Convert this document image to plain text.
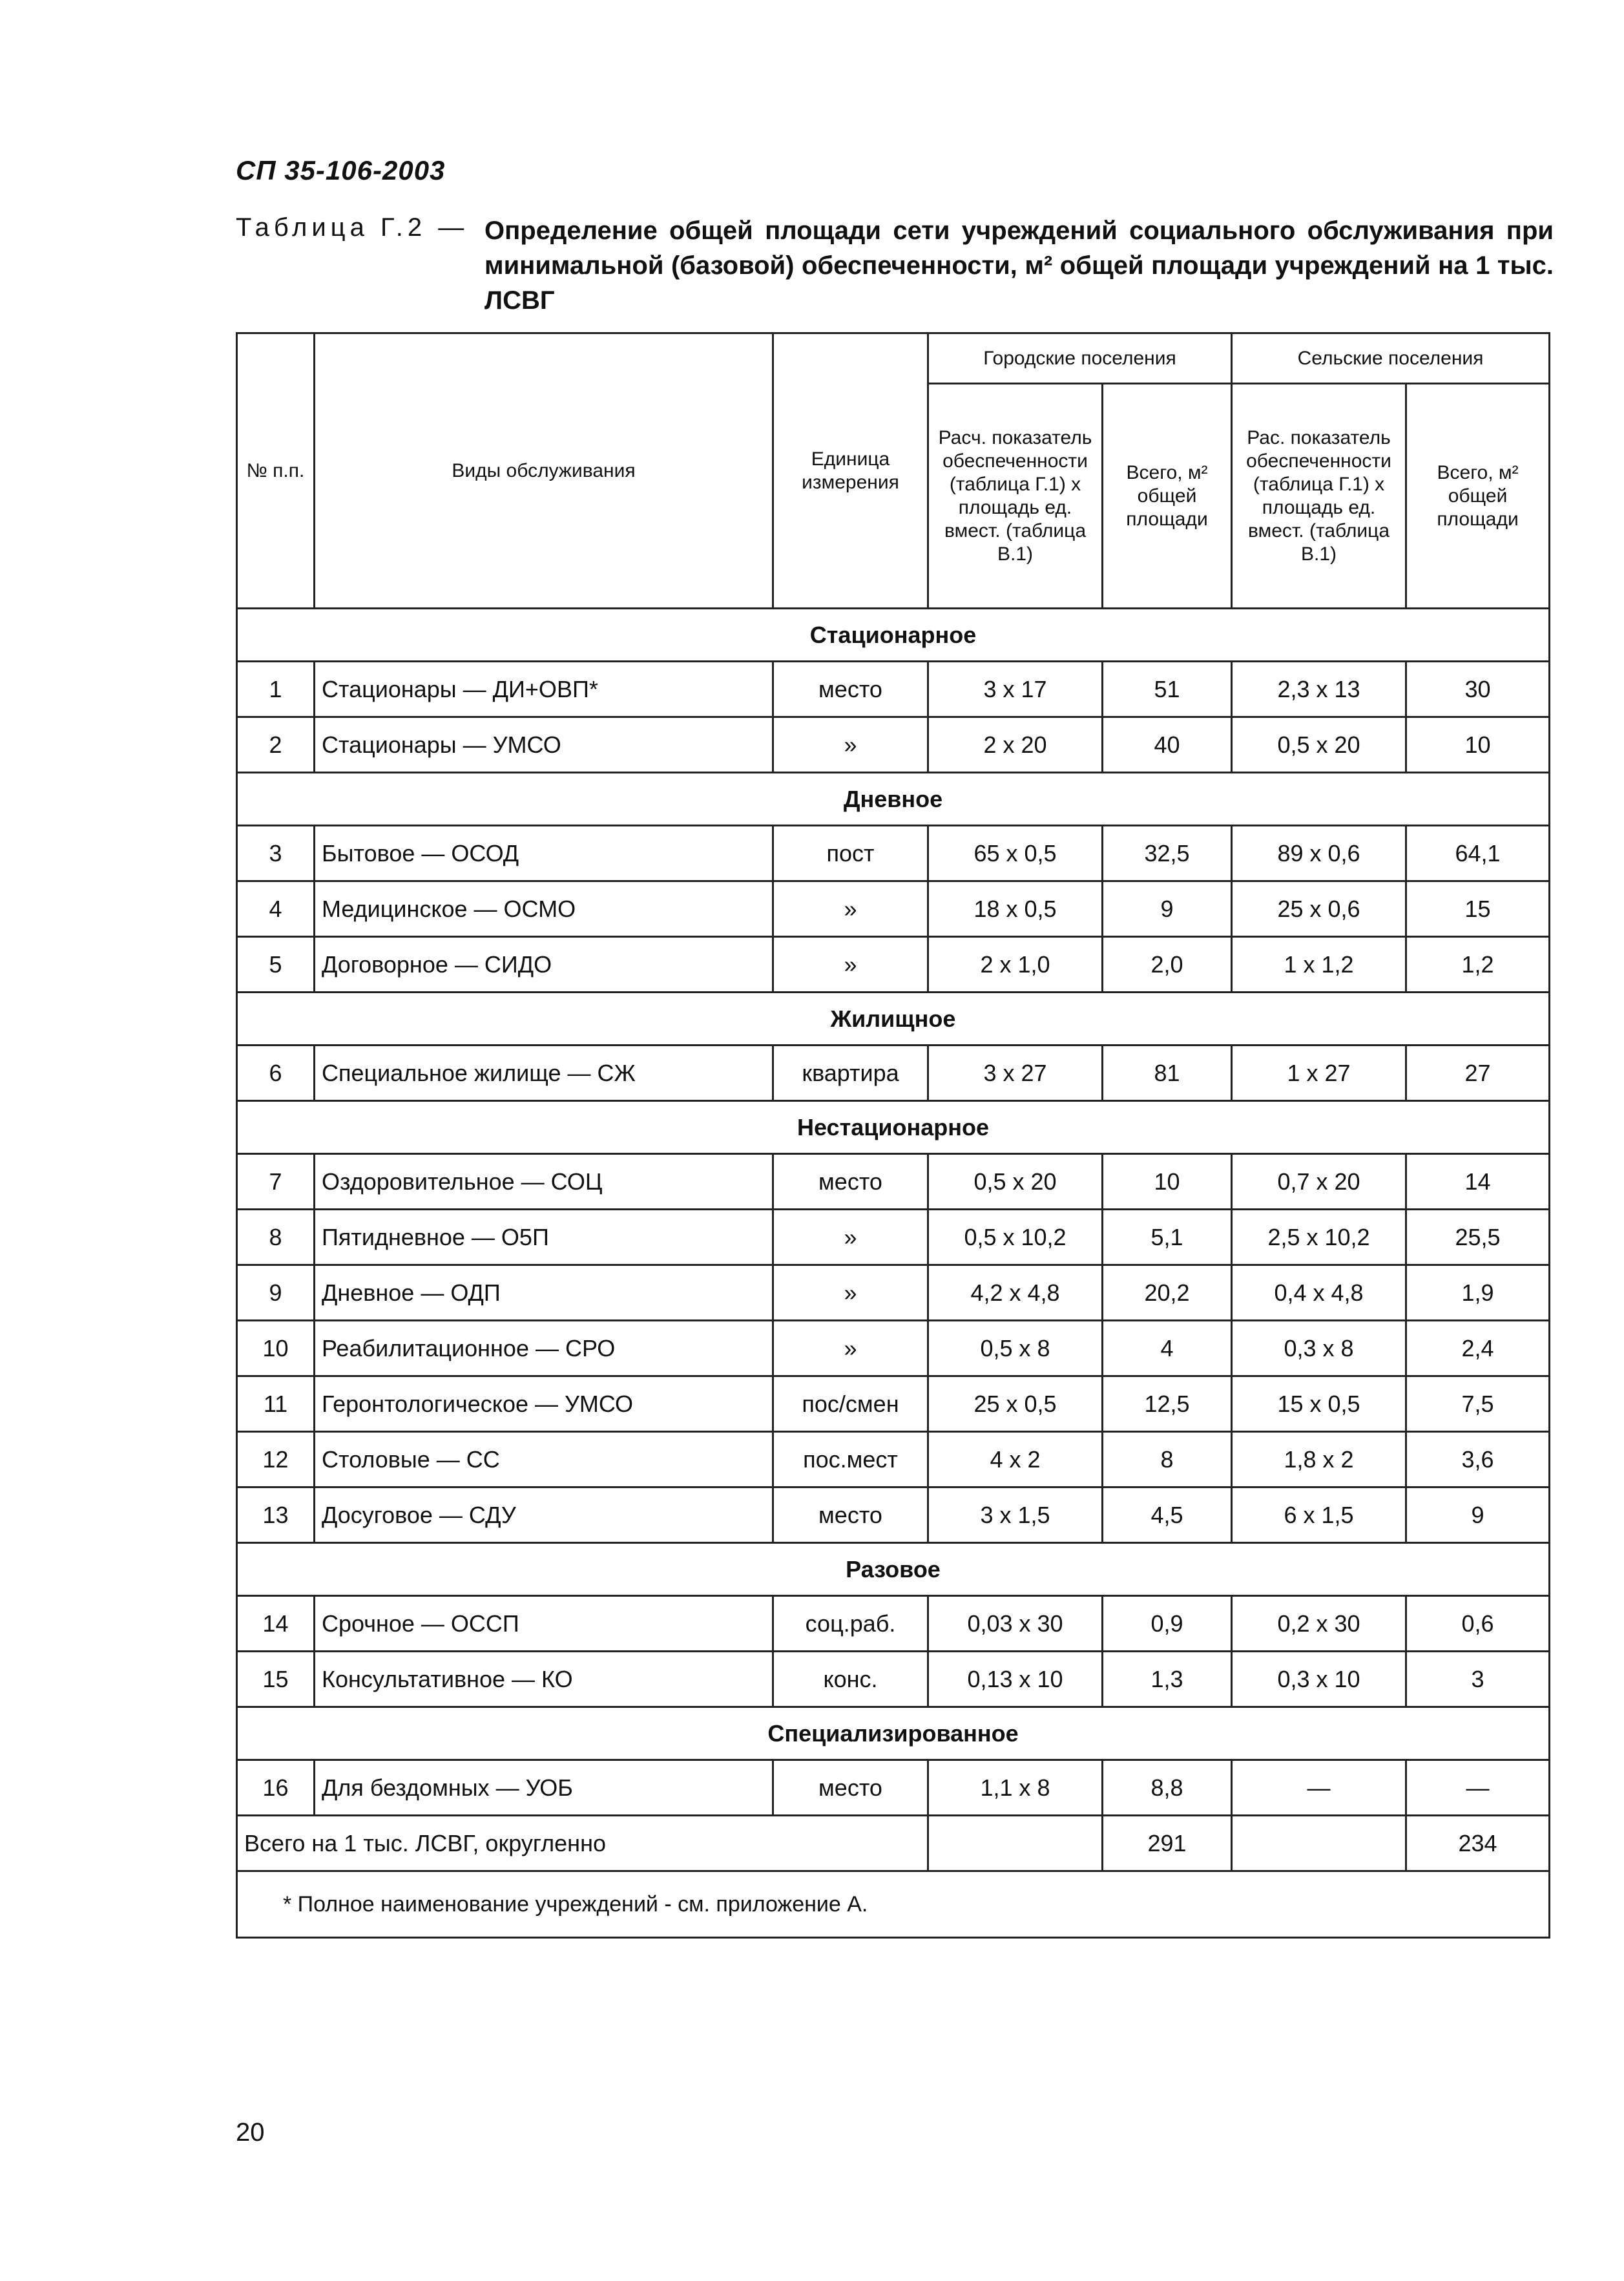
СП 35-106-2003
Таблица Г.2 — Определение общей площади сети учреждений социального обслуживания при минимальной (базовой) обеспеченности, м² общей площади учреждений на 1 тыс. ЛСВГ
№ п.п.	Виды обслуживания	Единица измерения	Городские поселения		Сельские поселения	
			Расч. показатель обеспеченности (таблица Г.1) x площадь ед. вмест. (таблица В.1)	Всего, м² общей площади	Рас. показатель обеспеченности (таблица Г.1) x площадь ед. вмест. (таблица В.1)	Всего, м² общей площади
Стационарное						
1	Стационары — ДИ+ОВП*	место	3 х 17	51	2,3 х 13	30
2	Стационары — УМСО	»	2 х 20	40	0,5 х 20	10
Дневное						
3	Бытовое — ОСОД	пост	65 х 0,5	32,5	89 х 0,6	64,1
4	Медицинское — ОСМО	»	18 х 0,5	9	25 х 0,6	15
5	Договорное — СИДО	»	2 х 1,0	2,0	1 х 1,2	1,2
Жилищное						
6	Специальное жилище — СЖ	квартира	3 х 27	81	1 х 27	27
Нестационарное						
7	Оздоровительное — СОЦ	место	0,5 х 20	10	0,7 х 20	14
8	Пятидневное — О5П	»	0,5 х 10,2	5,1	2,5 х 10,2	25,5
9	Дневное — ОДП	»	4,2 х 4,8	20,2	0,4 х 4,8	1,9
10	Реабилитационное — СРО	»	0,5 х 8	4	0,3 х 8	2,4
11	Геронтологическое — УМСО	пос/смен	25 х 0,5	12,5	15 х 0,5	7,5
12	Столовые — СС	пос.мест	4 х 2	8	1,8 х 2	3,6
13	Досуговое — СДУ	место	3 х 1,5	4,5	6 х 1,5	9
Разовое						
14	Срочное — ОССП	соц.раб.	0,03 х 30	0,9	0,2 х 30	0,6
15	Консультативное — КО	конс.	0,13 х 10	1,3	0,3 х 10	3
Специализированное						
16	Для бездомных — УОБ	место	1,1 х 8	8,8	—	—
Всего на 1 тыс. ЛСВГ, округленно				291		234
* Полное наименование учреждений - см. приложение А.						
20
